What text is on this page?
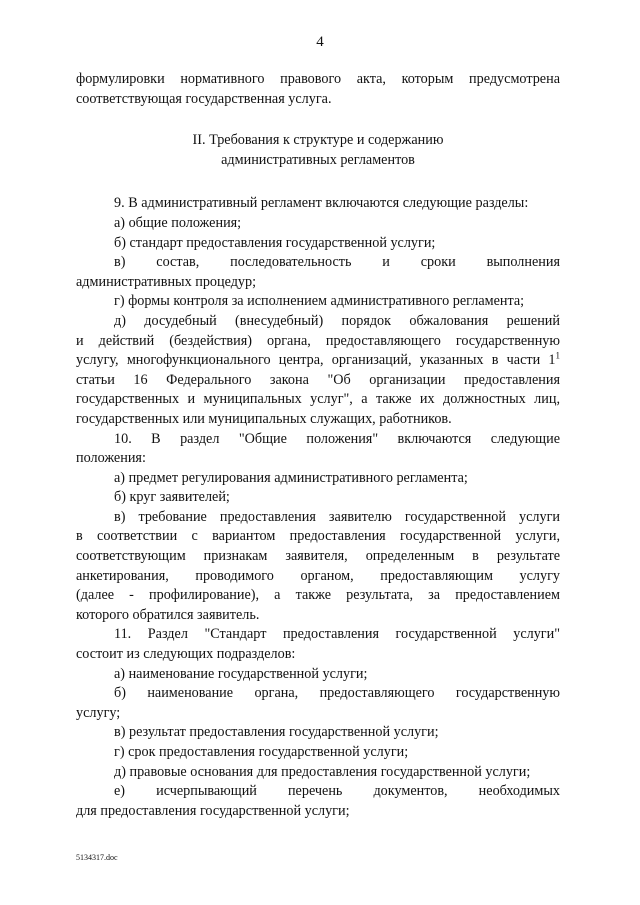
4

формулировки нормативного правового акта, которым предусмотрена

соответствующая государственная услуга.

II. Требования к структуре и содержанию
административных регламентов

9. В административный регламент включаются следующие разделы:

а) общие положения;

б) стандарт предоставления государственной услуги;

в) состав, последовательность и сроки выполнения

административных процедур;

г) формы контроля за исполнением административного регламента;

д) досудебный (внесудебный) порядок обжалования решений

и действий (бездействия) органа, предоставляющего государственную

услугу, многофункционального центра, организаций, указанных в части $1^1$

статьи 16 Федерального закона "Об организации предоставления

государственных и муниципальных услуг", а также их должностных лиц,

государственных или муниципальных служащих, работников.

10. В раздел "Общие положения" включаются следующие

положения:

а) предмет регулирования административного регламента;

б) круг заявителей;

в) требование предоставления заявителю государственной услуги

в соответствии с вариантом предоставления государственной услуги,

соответствующим признакам заявителя, определенным в результате

анкетирования, проводимого органом, предоставляющим услугу

(далее - профилирование), а также результата, за предоставлением

которого обратился заявитель.

11. Раздел "Стандарт предоставления государственной услуги"

состоит из следующих подразделов:

а) наименование государственной услуги;

б) наименование органа, предоставляющего государственную

услугу;

в) результат предоставления государственной услуги;

г) срок предоставления государственной услуги;

д) правовые основания для предоставления государственной услуги;

е) исчерпывающий перечень документов, необходимых

для предоставления государственной услуги;

5134317.doc
